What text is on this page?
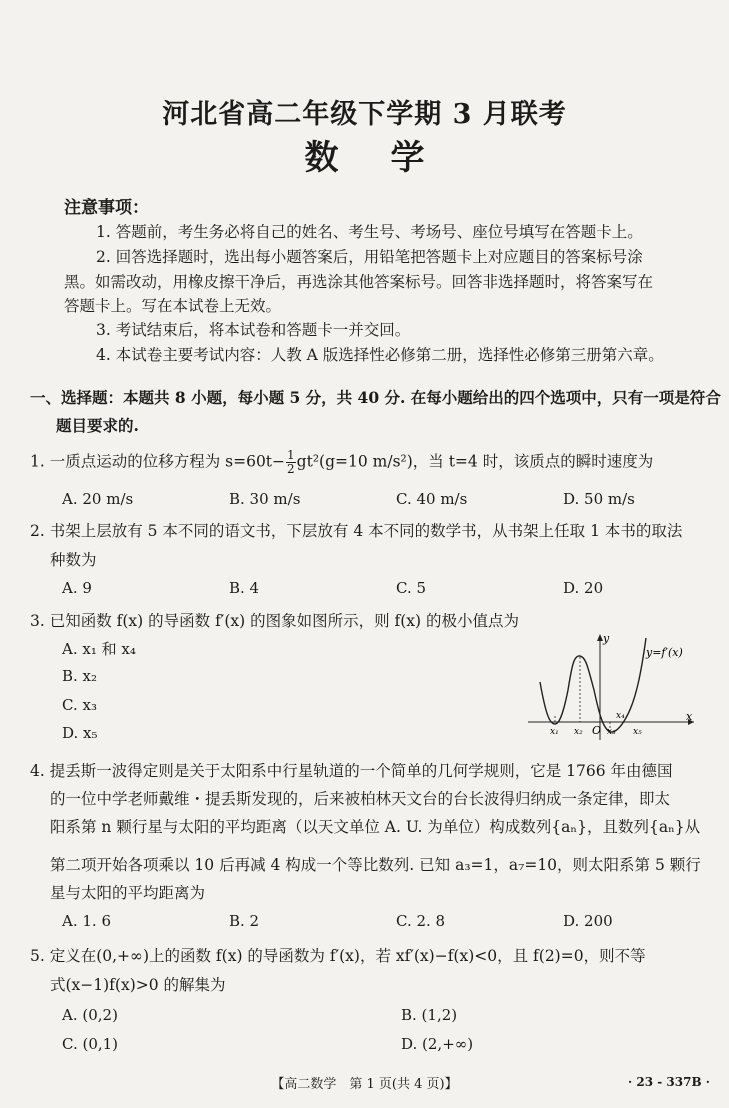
河北省高二年级下学期 3 月联考
数学
注意事项：
1. 答题前，考生务必将自己的姓名、考生号、考场号、座位号填写在答题卡上。
2. 回答选择题时，选出每小题答案后，用铅笔把答题卡上对应题目的答案标号涂
黑。如需改动，用橡皮擦干净后，再选涂其他答案标号。回答非选择题时，将答案写在
答题卡上。写在本试卷上无效。
3. 考试结束后，将本试卷和答题卡一并交回。
4. 本试卷主要考试内容：人教 A 版选择性必修第二册，选择性必修第三册第六章。
一、选择题：本题共 8 小题，每小题 5 分，共 40 分. 在每小题给出的四个选项中，只有一项是符合
题目要求的.
1. 一质点运动的位移方程为 $s=60t- \frac{1}{2} gt^2(g=10$ m/s²)，当 t=4 时，该质点的瞬时速度为
A. 20 m/s	B. 30 m/s	C. 40 m/s	D. 50 m/s
2. 书架上层放有 5 本不同的语文书，下层放有 4 本不同的数学书，从书架上任取 1 本书的取法
种数为
A. 9	B. 4	C. 5	D. 20
3. 已知函数 f(x) 的导函数 f′(x) 的图象如图所示，则 f(x) 的极小值点为
A. x₁ 和 x₄
B. x₂
C. x₃
D. x₅
y
x
y=f′(x)
O
x₁ x₂	x₃
x₄
x₅
4. 提丢斯一波得定则是关于太阳系中行星轨道的一个简单的几何学规则，它是 1766 年由德国
的一位中学老师戴维・提丢斯发现的，后来被柏林天文台的台长波得归纳成一条定律，即太
阳系第 n 颗行星与太阳的平均距离（以天文单位 A. U. 为单位）构成数列{aₙ}，且数列{aₙ}从
第二项开始各项乘以 10 后再减 4 构成一个等比数列. 已知 a₃=1，a₇=10，则太阳系第 5 颗行
星与太阳的平均距离为
A. 1. 6	B. 2	C. 2. 8	D. 200
5. 定义在(0,+∞)上的函数 f(x) 的导函数为 f′(x)，若 xf′(x)−f(x)<0，且 f(2)=0，则不等
式(x−1)f(x)>0 的解集为
A. (0,2)	B. (1,2)
C. (0,1)	D. (2,+∞)
【高二数学　第 1 页(共 4 页)】	· 23 - 337B ·
